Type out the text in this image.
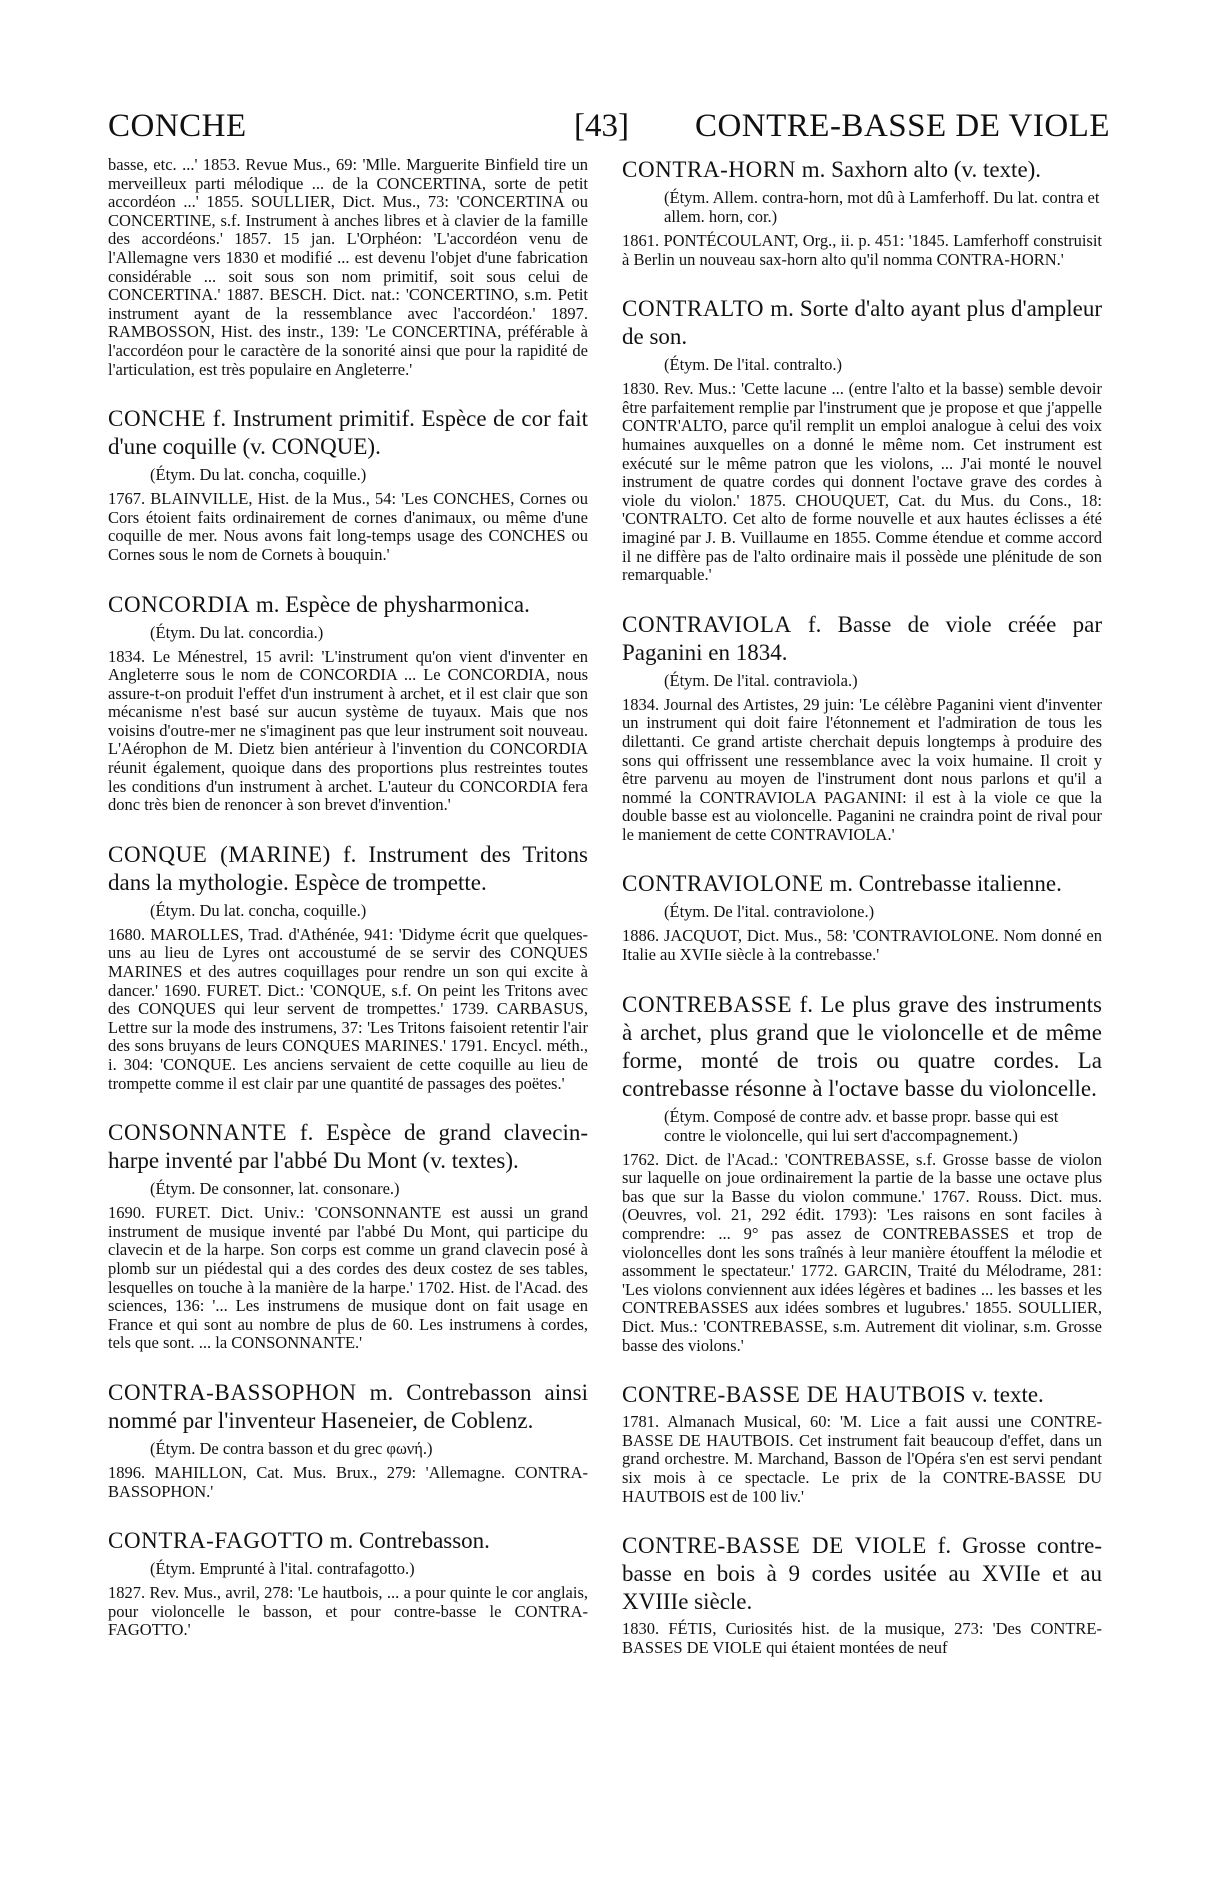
CONCHE	[43] CONTRE-BASSE DE VIOLE

basse, etc. ...' 1853. Revue Mus., 69: 'Mlle. Marguerite Binfield tire un merveilleux parti mélodique ... de la CONCERTINA, sorte de petit accordéon ...' 1855. SOULLIER, Dict. Mus., 73: 'CONCERTINA ou CONCERTINE, s.f. Instrument à anches libres et à clavier de la famille des accordéons.' 1857. 15 jan. L'Orphéon: 'L'accordéon venu de l'Allemagne vers 1830 et modifié ... est devenu l'objet d'une fabrication considérable ... soit sous son nom primitif, soit sous celui de CONCERTINA.' 1887. BESCH. Dict. nat.: 'CONCERTINO, s.m. Petit instrument ayant de la ressemblance avec l'accordéon.' 1897. RAMBOSSON, Hist. des instr., 139: 'Le CONCERTINA, préférable à l'accordéon pour le caractère de la sonorité ainsi que pour la rapidité de l'articulation, est très populaire en Angleterre.'

CONCHE f. Instrument primitif. Espèce de cor fait d'une coquille (v. CONQUE).

(Étym. Du lat. concha, coquille.)

1767. BLAINVILLE, Hist. de la Mus., 54: 'Les CONCHES, Cornes ou Cors étoient faits ordinairement de cornes d'animaux, ou même d'une coquille de mer. Nous avons fait long-temps usage des CONCHES ou Cornes sous le nom de Cornets à bouquin.'

CONCORDIA m. Espèce de physharmonica.

(Étym. Du lat. concordia.)

1834. Le Ménestrel, 15 avril: 'L'instrument qu'on vient d'inventer en Angleterre sous le nom de CONCORDIA ... Le CONCORDIA, nous assure-t-on produit l'effet d'un instrument à archet, et il est clair que son mécanisme n'est basé sur aucun système de tuyaux. Mais que nos voisins d'outre-mer ne s'imaginent pas que leur instrument soit nouveau. L'Aérophon de M. Dietz bien antérieur à l'invention du CONCORDIA réunit également, quoique dans des proportions plus restreintes toutes les conditions d'un instrument à archet. L'auteur du CONCORDIA fera donc très bien de renoncer à son brevet d'invention.'

CONQUE (MARINE) f. Instrument des Tritons dans la mythologie. Espèce de trompette.

(Étym. Du lat. concha, coquille.)

1680. MAROLLES, Trad. d'Athénée, 941: 'Didyme écrit que quelques-uns au lieu de Lyres ont accoustumé de se servir des CONQUES MARINES et des autres coquillages pour rendre un son qui excite à dancer.' 1690. FURET. Dict.: 'CONQUE, s.f. On peint les Tritons avec des CONQUES qui leur servent de trompettes.' 1739. CARBASUS, Lettre sur la mode des instrumens, 37: 'Les Tritons faisoient retentir l'air des sons bruyans de leurs CONQUES MARINES.' 1791. Encycl. méth., i. 304: 'CONQUE. Les anciens servaient de cette coquille au lieu de trompette comme il est clair par une quantité de passages des poëtes.'

CONSONNANTE f. Espèce de grand clavecin-harpe inventé par l'abbé Du Mont (v. textes).

(Étym. De consonner, lat. consonare.)

1690. FURET. Dict. Univ.: 'CONSONNANTE est aussi un grand instrument de musique inventé par l'abbé Du Mont, qui participe du clavecin et de la harpe. Son corps est comme un grand clavecin posé à plomb sur un piédestal qui a des cordes des deux costez de ses tables, lesquelles on touche à la manière de la harpe.' 1702. Hist. de l'Acad. des sciences, 136: '... Les instrumens de musique dont on fait usage en France et qui sont au nombre de plus de 60. Les instrumens à cordes, tels que sont. ... la CONSONNANTE.'

CONTRA-BASSOPHON m. Contrebasson ainsi nommé par l'inventeur Haseneier, de Coblenz.

(Étym. De contra basson et du grec φωνή.)

1896. MAHILLON, Cat. Mus. Brux., 279: 'Allemagne. CONTRA-BASSOPHON.'

CONTRA-FAGOTTO m. Contrebasson.

(Étym. Emprunté à l'ital. contrafagotto.)

1827. Rev. Mus., avril, 278: 'Le hautbois, ... a pour quinte le cor anglais, pour violoncelle le basson, et pour contre-basse le CONTRA-FAGOTTO.'

CONTRA-HORN m. Saxhorn alto (v. texte).

(Étym. Allem. contra-horn, mot dû à Lamferhoff. Du lat. contra et allem. horn, cor.)

1861. PONTÉCOULANT, Org., ii. p. 451: '1845. Lamferhoff construisit à Berlin un nouveau sax-horn alto qu'il nomma CONTRA-HORN.'

CONTRALTO m. Sorte d'alto ayant plus d'ampleur de son.

(Étym. De l'ital. contralto.)

1830. Rev. Mus.: 'Cette lacune ... (entre l'alto et la basse) semble devoir être parfaitement remplie par l'instrument que je propose et que j'appelle CONTR'ALTO, parce qu'il remplit un emploi analogue à celui des voix humaines auxquelles on a donné le même nom. Cet instrument est exécuté sur le même patron que les violons, ... J'ai monté le nouvel instrument de quatre cordes qui donnent l'octave grave des cordes à viole du violon.' 1875. CHOUQUET, Cat. du Mus. du Cons., 18: 'CONTRALTO. Cet alto de forme nouvelle et aux hautes éclisses a été imaginé par J. B. Vuillaume en 1855. Comme étendue et comme accord il ne diffère pas de l'alto ordinaire mais il possède une plénitude de son remarquable.'

CONTRAVIOLA f. Basse de viole créée par Paganini en 1834.

(Étym. De l'ital. contraviola.)

1834. Journal des Artistes, 29 juin: 'Le célèbre Paganini vient d'inventer un instrument qui doit faire l'étonnement et l'admiration de tous les dilettanti. Ce grand artiste cherchait depuis longtemps à produire des sons qui offrissent une ressemblance avec la voix humaine. Il croit y être parvenu au moyen de l'instrument dont nous parlons et qu'il a nommé la CONTRAVIOLA PAGANINI: il est à la viole ce que la double basse est au violoncelle. Paganini ne craindra point de rival pour le maniement de cette CONTRAVIOLA.'

CONTRAVIOLONE m. Contrebasse italienne.

(Étym. De l'ital. contraviolone.)

1886. JACQUOT, Dict. Mus., 58: 'CONTRAVIOLONE. Nom donné en Italie au XVIIe siècle à la contrebasse.'

CONTREBASSE f. Le plus grave des instruments à archet, plus grand que le violoncelle et de même forme, monté de trois ou quatre cordes. La contrebasse résonne à l'octave basse du violoncelle.

(Étym. Composé de contre adv. et basse propr. basse qui est contre le violoncelle, qui lui sert d'accompagnement.)

1762. Dict. de l'Acad.: 'CONTREBASSE, s.f. Grosse basse de violon sur laquelle on joue ordinairement la partie de la basse une octave plus bas que sur la Basse du violon commune.' 1767. Rouss. Dict. mus. (Oeuvres, vol. 21, 292 édit. 1793): 'Les raisons en sont faciles à comprendre: ... 9° pas assez de CONTREBASSES et trop de violoncelles dont les sons traînés à leur manière étouffent la mélodie et assomment le spectateur.' 1772. GARCIN, Traité du Mélodrame, 281: 'Les violons conviennent aux idées légères et badines ... les basses et les CONTREBASSES aux idées sombres et lugubres.' 1855. SOULLIER, Dict. Mus.: 'CONTREBASSE, s.m. Autrement dit violinar, s.m. Grosse basse des violons.'

CONTRE-BASSE DE HAUTBOIS v. texte.

1781. Almanach Musical, 60: 'M. Lice a fait aussi une CONTRE-BASSE DE HAUTBOIS. Cet instrument fait beaucoup d'effet, dans un grand orchestre. M. Marchand, Basson de l'Opéra s'en est servi pendant six mois à ce spectacle. Le prix de la CONTRE-BASSE DU HAUTBOIS est de 100 liv.'

CONTRE-BASSE DE VIOLE f. Grosse contre-basse en bois à 9 cordes usitée au XVIIe et au XVIIIe siècle.

1830. FÉTIS, Curiosités hist. de la musique, 273: 'Des CONTRE-BASSES DE VIOLE qui étaient montées de neuf
